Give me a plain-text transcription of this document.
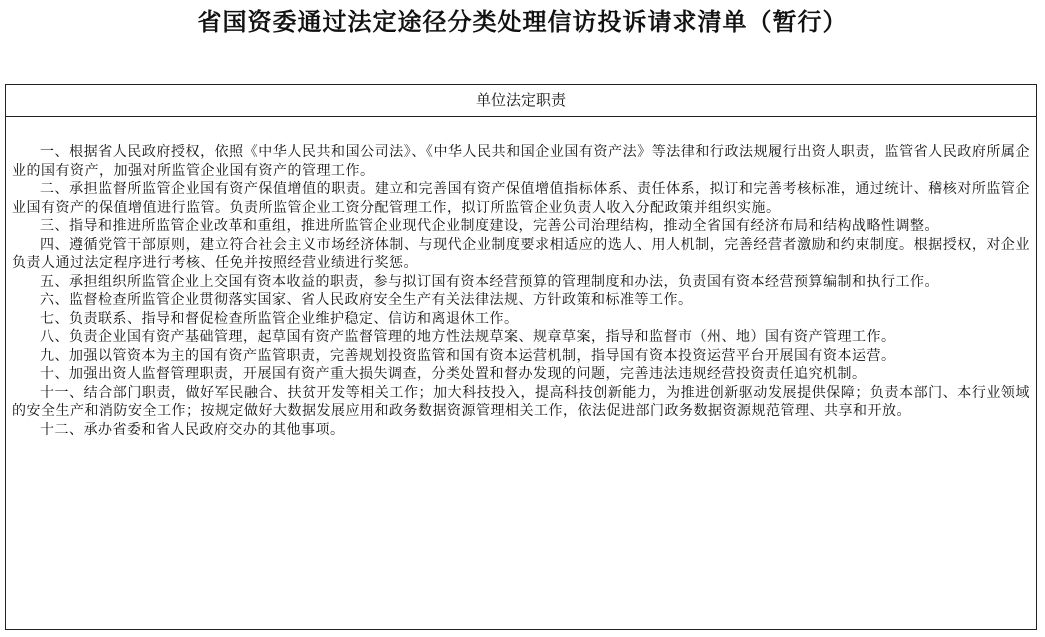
省国资委通过法定途径分类处理信访投诉请求清单（暂行）
单位法定职责

一、根据省人民政府授权，依照《中华人民共和国公司法》、《中华人民共和国企业国有资产法》等法律和行政法规履行出资人职责，监管省人民政府所属企业的国有资产，加强对所监管企业国有资产的管理工作。

二、承担监督所监管企业国有资产保值增值的职责。建立和完善国有资产保值增值指标体系、责任体系，拟订和完善考核标准，通过统计、稽核对所监管企业国有资产的保值增值进行监管。负责所监管企业工资分配管理工作，拟订所监管企业负责人收入分配政策并组织实施。

三、指导和推进所监管企业改革和重组，推进所监管企业现代企业制度建设，完善公司治理结构，推动全省国有经济布局和结构战略性调整。

四、遵循党管干部原则，建立符合社会主义市场经济体制、与现代企业制度要求相适应的选人、用人机制，完善经营者激励和约束制度。根据授权，对企业负责人通过法定程序进行考核、任免并按照经营业绩进行奖惩。

五、承担组织所监管企业上交国有资本收益的职责，参与拟订国有资本经营预算的管理制度和办法，负责国有资本经营预算编制和执行工作。

六、监督检查所监管企业贯彻落实国家、省人民政府安全生产有关法律法规、方针政策和标准等工作。

七、负责联系、指导和督促检查所监管企业维护稳定、信访和离退休工作。

八、负责企业国有资产基础管理，起草国有资产监督管理的地方性法规草案、规章草案，指导和监督市（州、地）国有资产管理工作。

九、加强以管资本为主的国有资产监管职责，完善规划投资监管和国有资本运营机制，指导国有资本投资运营平台开展国有资本运营。

十、加强出资人监督管理职责，开展国有资产重大损失调查，分类处置和督办发现的问题，完善违法违规经营投资责任追究机制。

十一、结合部门职责，做好军民融合、扶贫开发等相关工作；加大科技投入，提高科技创新能力，为推进创新驱动发展提供保障；负责本部门、本行业领域的安全生产和消防安全工作；按规定做好大数据发展应用和政务数据资源管理相关工作，依法促进部门政务数据资源规范管理、共享和开放。

十二、承办省委和省人民政府交办的其他事项。
